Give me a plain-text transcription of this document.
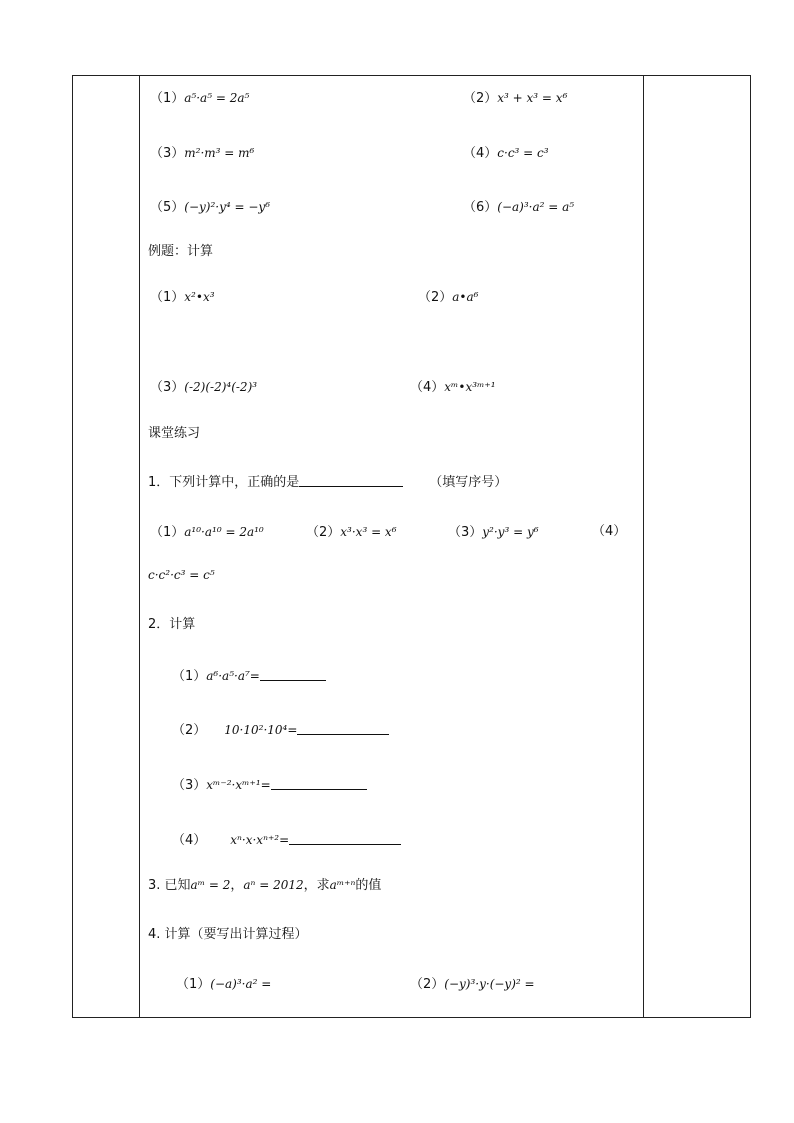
（1）a⁵·a⁵ = 2a⁵	（2）x³ + x³ = x⁶
（3）m²·m³ = m⁶	（4）c·c³ = c³
（5）(−y)²·y⁴ = −y⁶	（6）(−a)³·a² = a⁵
例题：计算
（1）x²•x³	（2）a•a⁶
（3）(-2)(-2)⁴(-2)³	（4）xᵐ•x³ᵐ⁺¹
课堂练习
1．下列计算中，正确的是	（填写序号）
（1）a¹⁰·a¹⁰ = 2a¹⁰	（2）x³·x³ = x⁶	（3）y²·y³ = y⁶	（4）
c·c²·c³ = c⁵
2．计算
（1）a⁶·a⁵·a⁷=
（2） 10·10²·10⁴=
（3）xᵐ⁻²·xᵐ⁺¹=
（4） xⁿ·x·xⁿ⁺²=
3. 已知aᵐ = 2，aⁿ = 2012，求aᵐ⁺ⁿ的值
4. 计算（要写出计算过程）
（1）(−a)³·a² =	（2）(−y)³·y·(−y)² =
